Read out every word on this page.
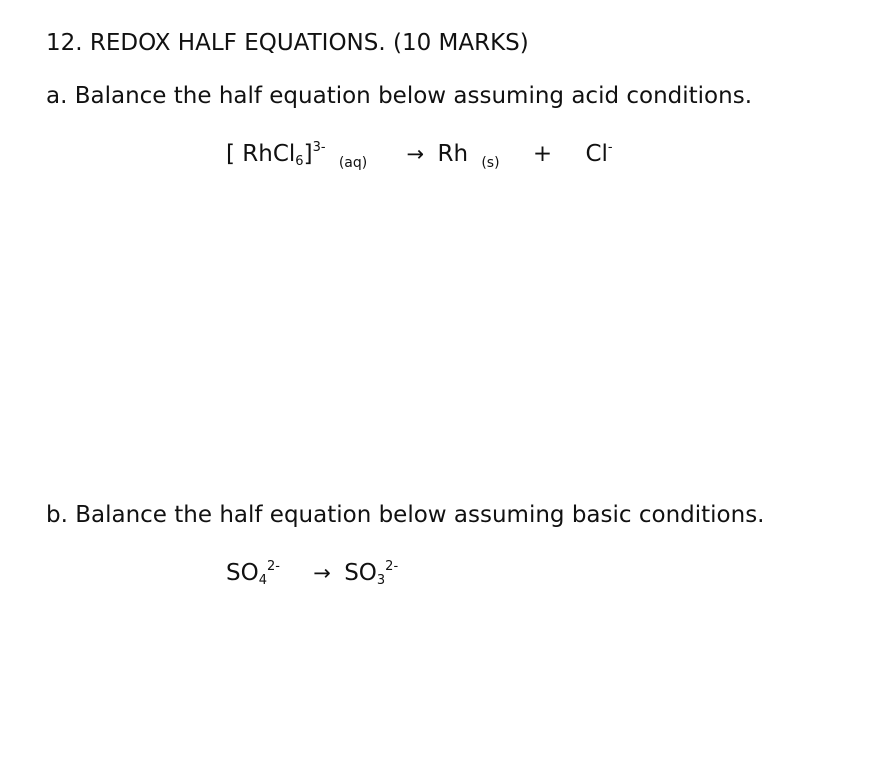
12. REDOX HALF EQUATIONS. (10 MARKS)
a. Balance the half equation below assuming acid conditions.
[ RhCl6]3- (aq) → Rh (s) + Cl-
b. Balance the half equation below assuming basic conditions.
SO42- → SO32-
